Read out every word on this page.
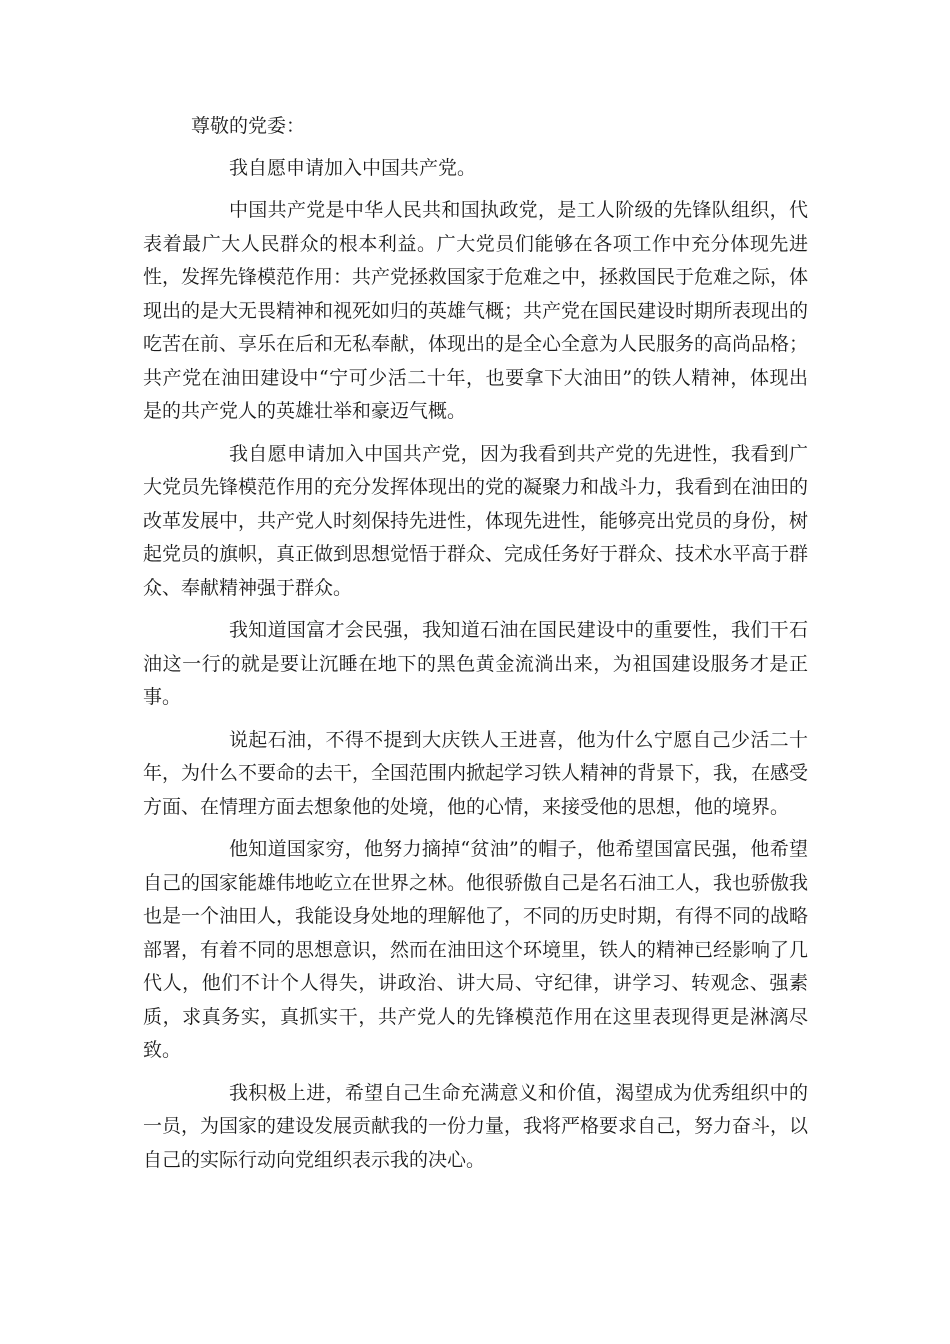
尊敬的党委：

我自愿申请加入中国共产党。

中国共产党是中华人民共和国执政党，是工人阶级的先锋队组织，代表着最广大人民群众的根本利益。广大党员们能够在各项工作中充分体现先进性，发挥先锋模范作用：共产党拯救国家于危难之中，拯救国民于危难之际，体现出的是大无畏精神和视死如归的英雄气概；共产党在国民建设时期所表现出的吃苦在前、享乐在后和无私奉献，体现出的是全心全意为人民服务的高尚品格；共产党在油田建设中“宁可少活二十年，也要拿下大油田”的铁人精神，体现出是的共产党人的英雄壮举和豪迈气概。

我自愿申请加入中国共产党，因为我看到共产党的先进性，我看到广大党员先锋模范作用的充分发挥体现出的党的凝聚力和战斗力，我看到在油田的改革发展中，共产党人时刻保持先进性，体现先进性，能够亮出党员的身份，树起党员的旗帜，真正做到思想觉悟于群众、完成任务好于群众、技术水平高于群众、奉献精神强于群众。

我知道国富才会民强，我知道石油在国民建设中的重要性，我们干石油这一行的就是要让沉睡在地下的黑色黄金流淌出来，为祖国建设服务才是正事。

说起石油，不得不提到大庆铁人王进喜，他为什么宁愿自己少活二十年，为什么不要命的去干，全国范围内掀起学习铁人精神的背景下，我，在感受方面、在情理方面去想象他的处境，他的心情，来接受他的思想，他的境界。

他知道国家穷，他努力摘掉“贫油”的帽子，他希望国富民强，他希望自己的国家能雄伟地屹立在世界之林。他很骄傲自己是名石油工人，我也骄傲我也是一个油田人，我能设身处地的理解他了，不同的历史时期，有得不同的战略部署，有着不同的思想意识，然而在油田这个环境里，铁人的精神已经影响了几代人，他们不计个人得失，讲政治、讲大局、守纪律，讲学习、转观念、强素质，求真务实，真抓实干，共产党人的先锋模范作用在这里表现得更是淋漓尽致。

我积极上进，希望自己生命充满意义和价值，渴望成为优秀组织中的一员，为国家的建设发展贡献我的一份力量，我将严格要求自己，努力奋斗，以自己的实际行动向党组织表示我的决心。
